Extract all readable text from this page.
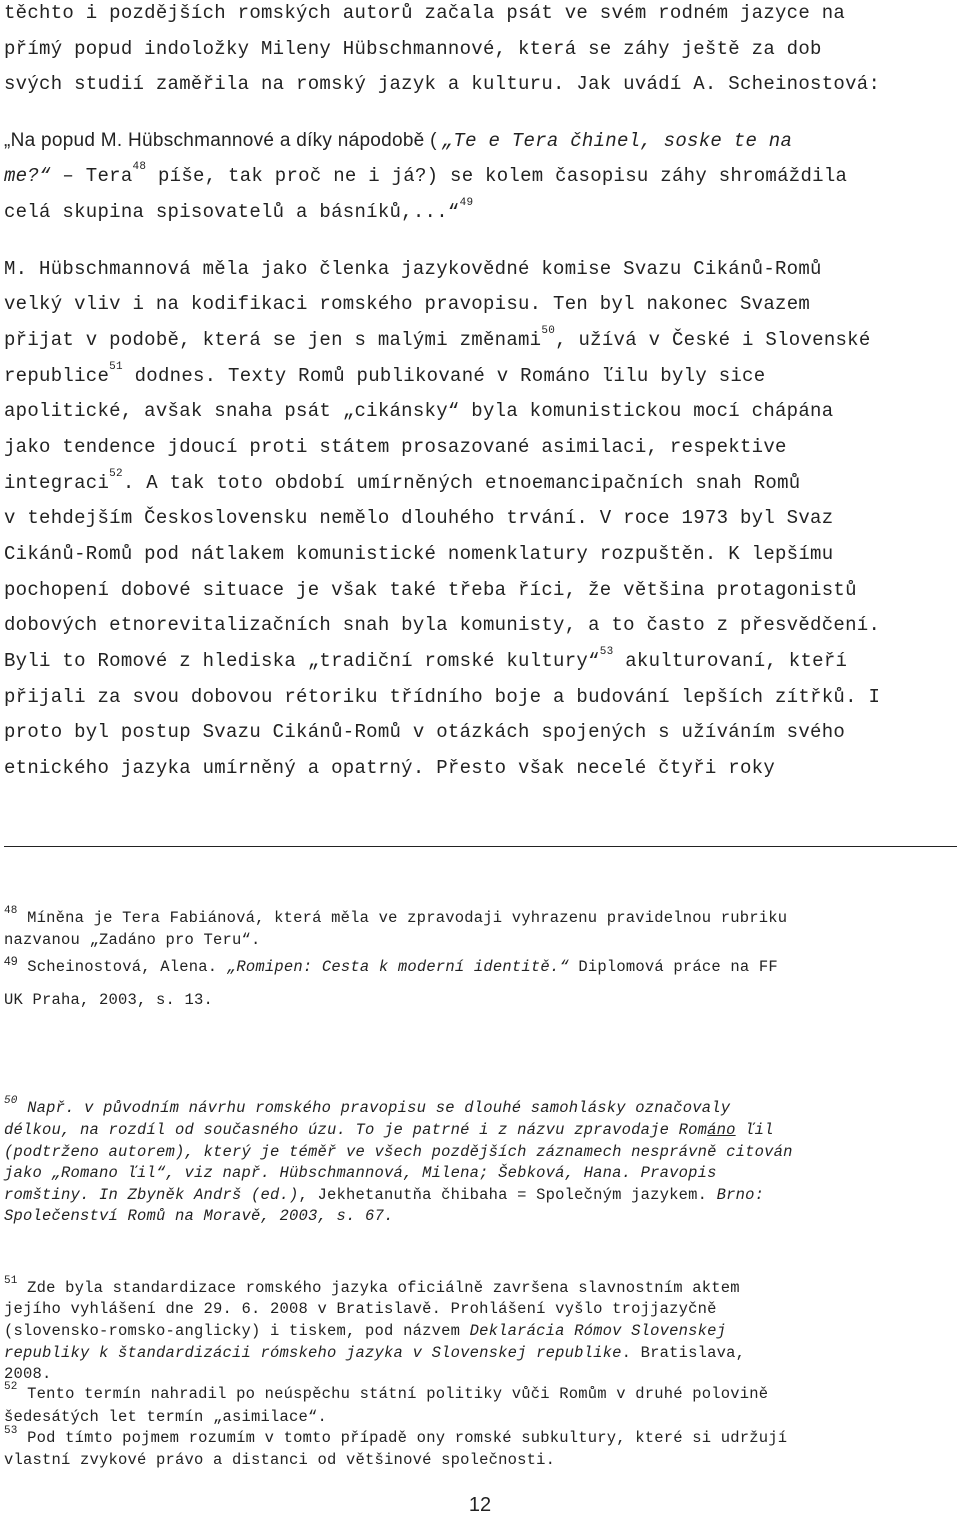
těchto i pozdějších romských autorů začala psát ve svém rodném jazyce na
přímý popud indoložky Mileny Hübschmannové, která se záhy ještě za dob
svých studií zaměřila na romský jazyk a kulturu. Jak uvádí A. Scheinostová:
„Na popud M. Hübschmannové a díky nápodobě ( „Te e Tera čhinel, soske te na
me?“ – Tera$^{48}$ píše, tak proč ne i já?) se kolem časopisu záhy shromáždila
celá skupina spisovatelů a básníků,...“$^{49}$
M. Hübschmannová měla jako členka jazykovědné komise Svazu Cikánů-Romů
velký vliv i na kodifikaci romského pravopisu. Ten byl nakonec Svazem
přijat v podobě, která se jen s malými změnami$^{50}$, užívá v České i Slovenské
republice$^{51}$ dodnes. Texty Romů publikované v Románo ľilu byly sice
apolitické, avšak snaha psát „cikánsky“ byla komunistickou mocí chápána
jako tendence jdoucí proti státem prosazované asimilaci, respektive
integraci$^{52}$. A tak toto období umírněných etnoemancipačních snah Romů
v tehdejším Československu nemělo dlouhého trvání. V roce 1973 byl Svaz
Cikánů-Romů pod nátlakem komunistické nomenklatury rozpuštěn. K lepšímu
pochopení dobové situace je však také třeba říci, že většina protagonistů
dobových etnorevitalizačních snah byla komunisty, a to často z přesvědčení.
Byli to Romové z hlediska „tradiční romské kultury“$^{53}$ akulturovaní, kteří
přijali za svou dobovou rétoriku třídního boje a budování lepších zítřků. I
proto byl postup Svazu Cikánů-Romů v otázkách spojených s užíváním svého
etnického jazyka umírněný a opatrný. Přesto však necelé čtyři roky
$^{48}$ Míněna je Tera Fabiánová, která měla ve zpravodaji vyhrazenu pravidelnou rubriku
nazvanou „Zadáno pro Teru“.
$^{49}$ Scheinostová, Alena. „Romipen: Cesta k moderní identitě.“ Diplomová práce na FF
UK Praha, 2003, s. 13.
$^{50}$ Např. v původním návrhu romského pravopisu se dlouhé samohlásky označovaly
délkou, na rozdíl od současného úzu. To je patrné i z názvu zpravodaje Románo ľil
(podtrženo autorem), který je téměř ve všech pozdějších záznamech nesprávně citován
jako „Romano ľil“, viz např. Hübschmannová, Milena; Šebková, Hana. Pravopis
romštiny. In Zbyněk Andrš (ed.), Jekhetanutňa čhibaha = Společným jazykem. Brno:
Společenství Romů na Moravě, 2003, s. 67.
$^{51}$ Zde byla standardizace romského jazyka oficiálně završena slavnostním aktem
jejího vyhlášení dne 29. 6. 2008 v Bratislavě. Prohlášení vyšlo trojjazyčně
(slovensko-romsko-anglicky) i tiskem, pod názvem Deklarácia Rómov Slovenskej
republiky k štandardizácii rómskeho jazyka v Slovenskej republike. Bratislava,
2008.
$^{52}$ Tento termín nahradil po neúspěchu státní politiky vůči Romům v druhé polovině
šedesátých let termín „asimilace“.
$^{53}$ Pod tímto pojmem rozumím v tomto případě ony romské subkultury, které si udržují
vlastní zvykové právo a distanci od většinové společnosti.
12
